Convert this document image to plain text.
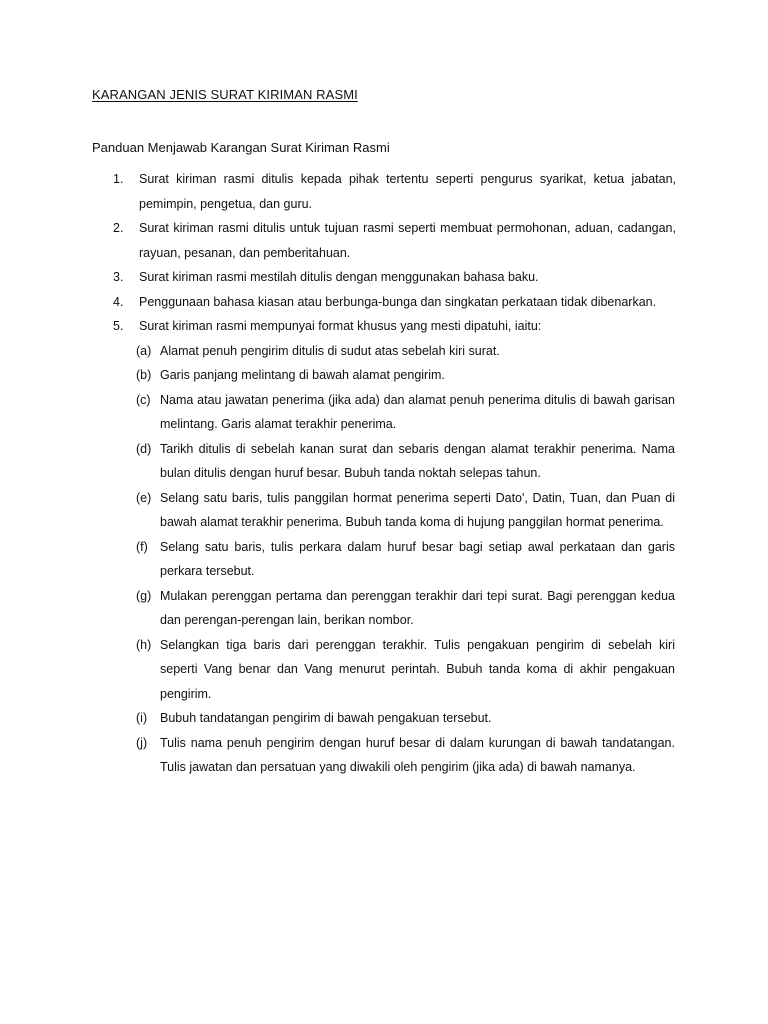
KARANGAN JENIS SURAT KIRIMAN RASMI
Panduan Menjawab Karangan Surat Kiriman Rasmi
1. Surat kiriman rasmi ditulis kepada pihak tertentu seperti pengurus syarikat, ketua jabatan, pemimpin, pengetua, dan guru.
2. Surat kiriman rasmi ditulis untuk tujuan rasmi seperti membuat permohonan, aduan, cadangan, rayuan, pesanan, dan pemberitahuan.
3. Surat kiriman rasmi mestilah ditulis dengan menggunakan bahasa baku.
4. Penggunaan bahasa kiasan atau berbunga-bunga dan singkatan perkataan tidak dibenarkan.
5. Surat kiriman rasmi mempunyai format khusus yang mesti dipatuhi, iaitu:
(a) Alamat penuh pengirim ditulis di sudut atas sebelah kiri surat.
(b) Garis panjang melintang di bawah alamat pengirim.
(c) Nama atau jawatan penerima (jika ada) dan alamat penuh penerima ditulis di bawah garisan melintang. Garis alamat terakhir penerima.
(d) Tarikh ditulis di sebelah kanan surat dan sebaris dengan alamat terakhir penerima. Nama bulan ditulis dengan huruf besar. Bubuh tanda noktah selepas tahun.
(e) Selang satu baris, tulis panggilan hormat penerima seperti Dato', Datin, Tuan, dan Puan di bawah alamat terakhir penerima. Bubuh tanda koma di hujung panggilan hormat penerima.
(f) Selang satu baris, tulis perkara dalam huruf besar bagi setiap awal perkataan dan garis perkara tersebut.
(g) Mulakan perenggan pertama dan perenggan terakhir dari tepi surat. Bagi perenggan kedua dan perengan-perengan lain, berikan nombor.
(h) Selangkan tiga baris dari perenggan terakhir. Tulis pengakuan pengirim di sebelah kiri seperti Vang benar dan Vang menurut perintah. Bubuh tanda koma di akhir pengakuan pengirim.
(i) Bubuh tandatangan pengirim di bawah pengakuan tersebut.
(j) Tulis nama penuh pengirim dengan huruf besar di dalam kurungan di bawah tandatangan. Tulis jawatan dan persatuan yang diwakili oleh pengirim (jika ada) di bawah namanya.
